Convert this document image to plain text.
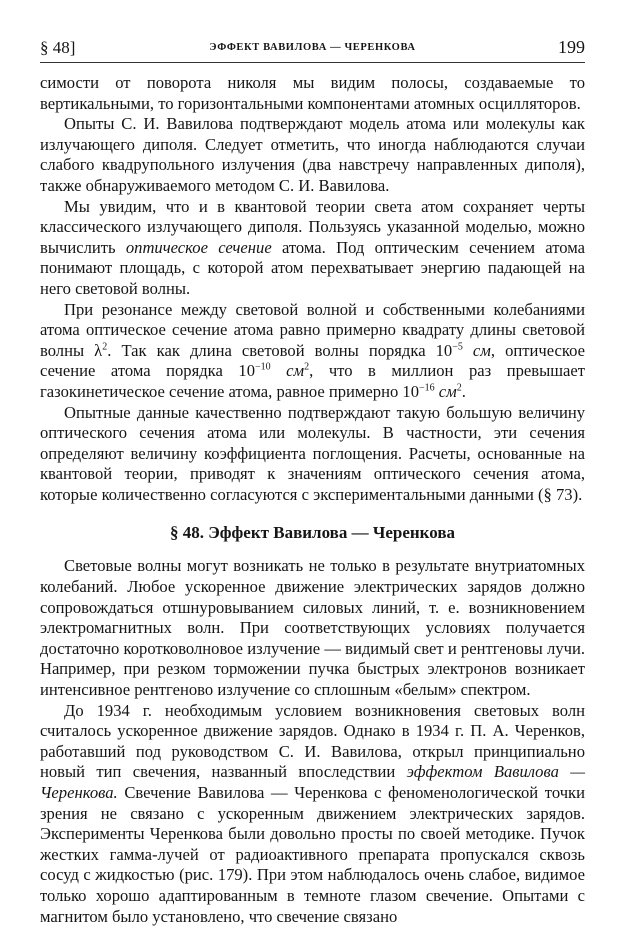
§ 48]	ЭФФЕКТ ВАВИЛОВА — ЧЕРЕНКОВА	199

симости от поворота николя мы видим полосы, создаваемые то вертикальными, то горизонтальными компонентами атомных осцилляторов.

Опыты С. И. Вавилова подтверждают модель атома или молекулы как излучающего диполя. Следует отметить, что иногда наблюдаются случаи слабого квадрупольного излучения (два навстречу направленных диполя), также обнаруживаемого методом С. И. Вавилова.

Мы увидим, что и в квантовой теории света атом сохраняет черты классического излучающего диполя. Пользуясь указанной моделью, можно вычислить оптическое сечение атома. Под оптическим сечением атома понимают площадь, с которой атом перехватывает энергию падающей на него световой волны.

При резонансе между световой волной и собственными колебаниями атома оптическое сечение атома равно примерно квадрату длины световой волны $\lambda^2$. Так как длина световой волны порядка $10^{-5}$ см, оптическое сечение атома порядка $10^{-10}$ $см^2$, что в миллион раз превышает газокинетическое сечение атома, равное примерно $10^{-16}$ $см^2$.

Опытные данные качественно подтверждают такую большую величину оптического сечения атома или молекулы. В частности, эти сечения определяют величину коэффициента поглощения. Расчеты, основанные на квантовой теории, приводят к значениям оптического сечения атома, которые количественно согласуются с экспериментальными данными (§ 73).

§ 48. Эффект Вавилова — Черенкова

Световые волны могут возникать не только в результате внутриатомных колебаний. Любое ускоренное движение электрических зарядов должно сопровождаться отшнуровыванием силовых линий, т. е. возникновением электромагнитных волн. При соответствующих условиях получается достаточно коротковолновое излучение — видимый свет и рентгеновы лучи. Например, при резком торможении пучка быстрых электронов возникает интенсивное рентгеново излучение со сплошным «белым» спектром.

До 1934 г. необходимым условием возникновения световых волн считалось ускоренное движение зарядов. Однако в 1934 г. П. А. Черенков, работавший под руководством С. И. Вавилова, открыл принципиально новый тип свечения, названный впоследствии эффектом Вавилова — Черенкова. Свечение Вавилова — Черенкова с феноменологической точки зрения не связано с ускоренным движением электрических зарядов. Эксперименты Черенкова были довольно просты по своей методике. Пучок жестких гамма-лучей от радиоактивного препарата пропускался сквозь сосуд с жидкостью (рис. 179). При этом наблюдалось очень слабое, видимое только хорошо адаптированным в темноте глазом свечение. Опытами с магнитом было установлено, что свечение связано
